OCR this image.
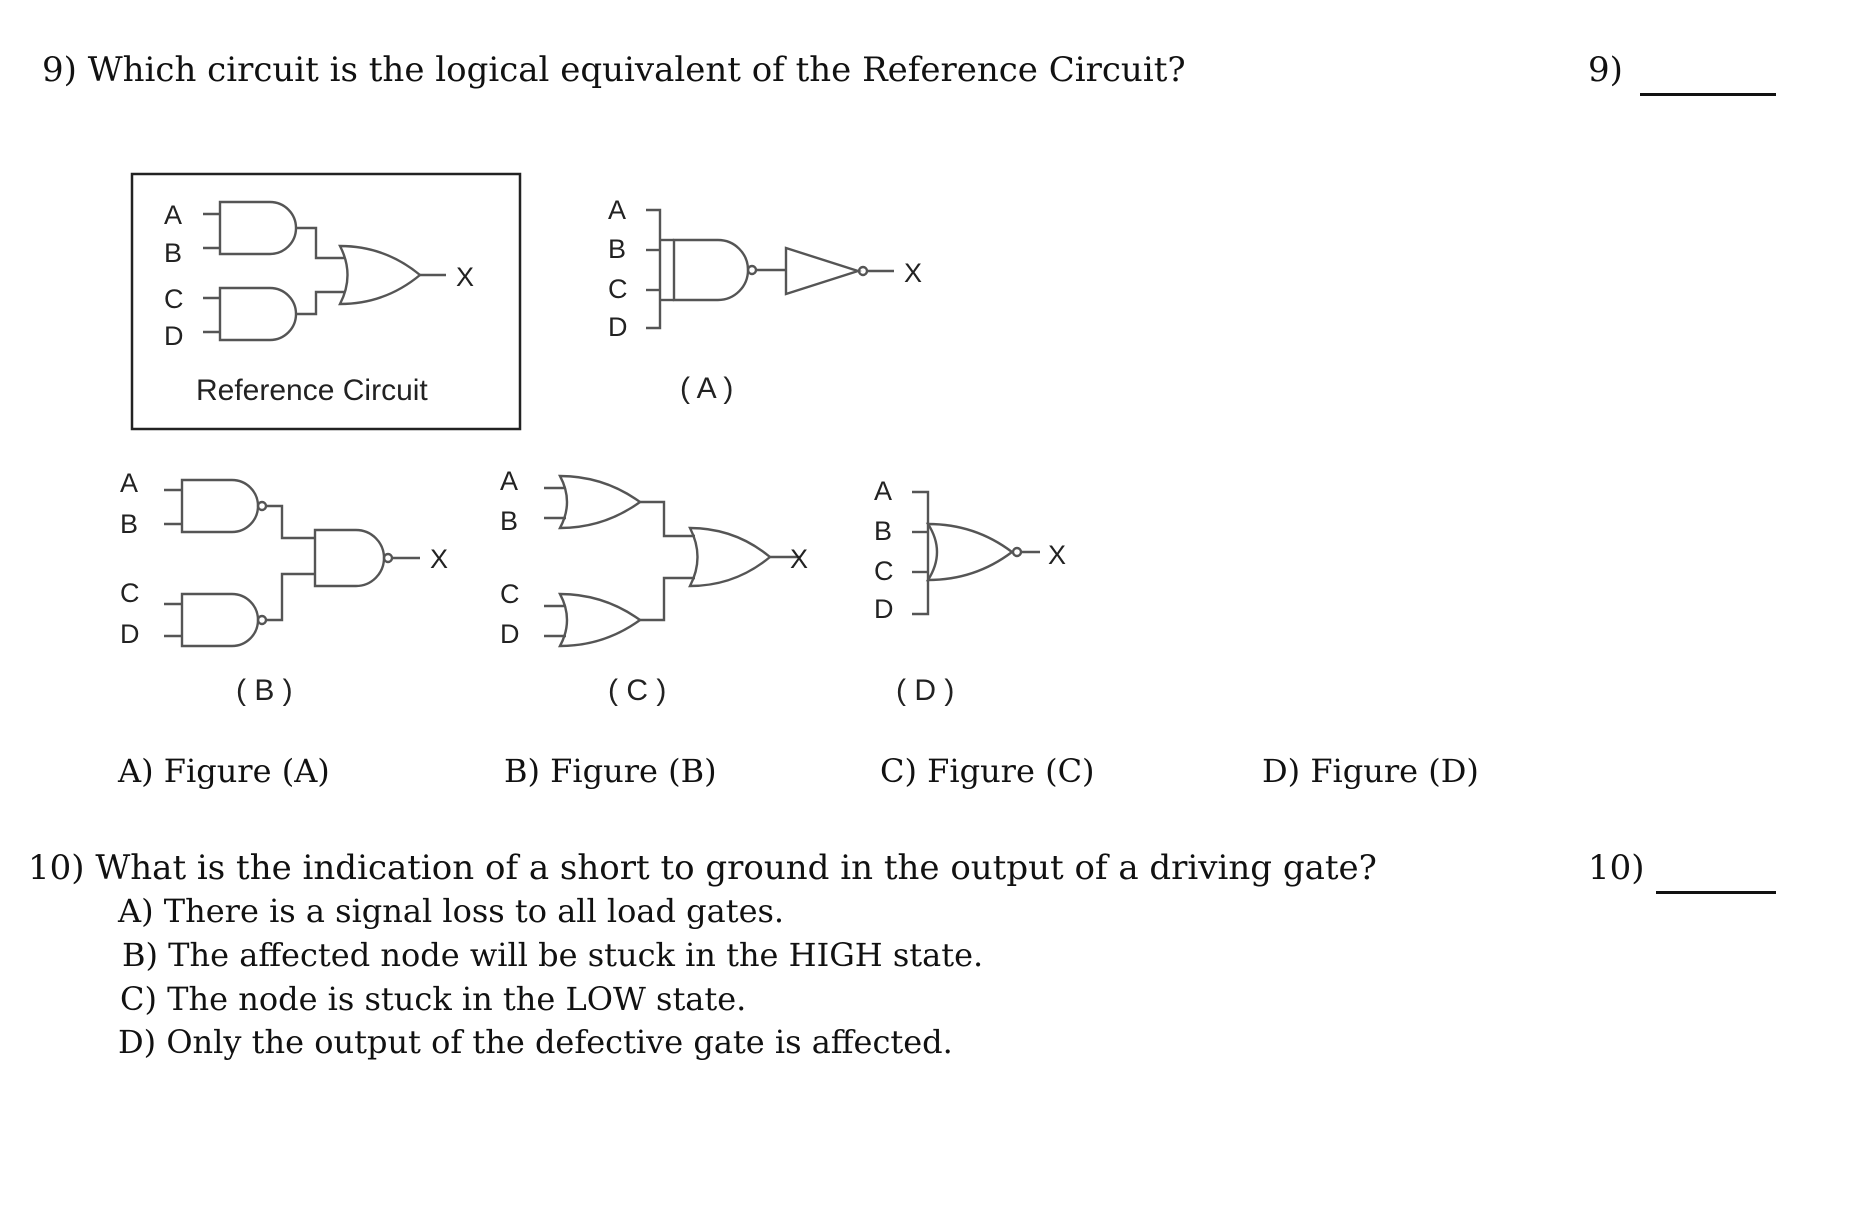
9) Which circuit is the logical equivalent of the Reference Circuit?	9)
A
B
C
D
X
A
B
C
D
X
A
B
C
D
X
A
B
C
D
X
A
B
C
D
X
Reference Circuit	( A )
( B )	( C )	( D )
A) Figure (A)	B) Figure (B)	C) Figure (C)	D) Figure (D)
10) What is the indication of a short to ground in the output of a driving gate?	10)
A) There is a signal loss to all load gates.
B) The affected node will be stuck in the HIGH state.
C) The node is stuck in the LOW state.
D) Only the output of the defective gate is affected.
